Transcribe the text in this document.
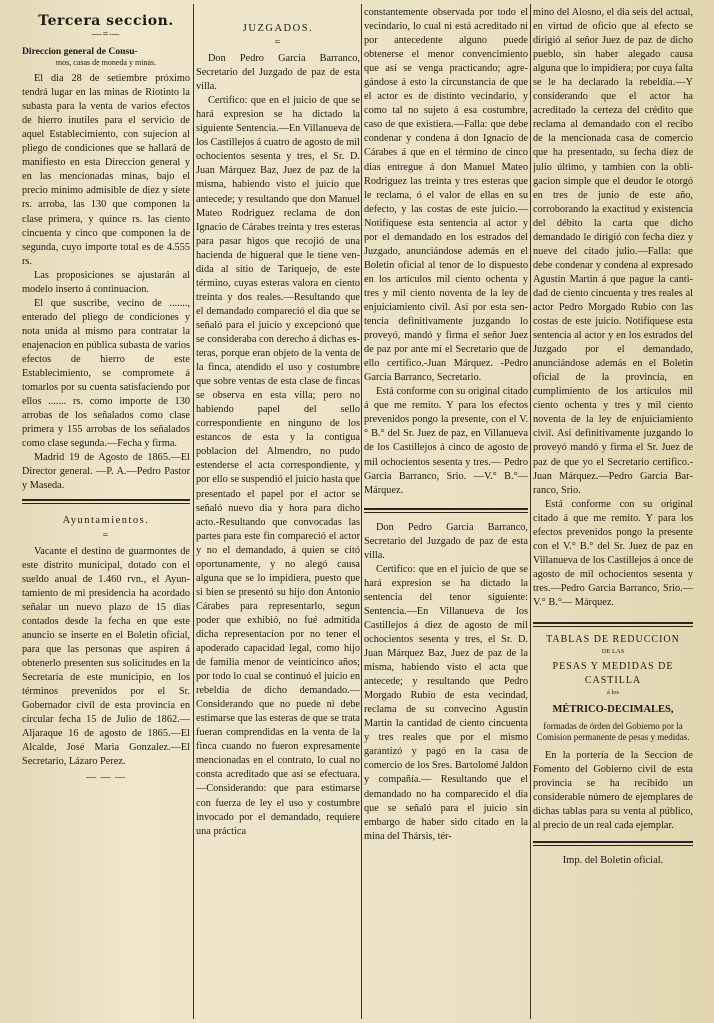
Tercera seccion.
—=—
Direccion general de Consu-
mos, casas de moneda y minas.

El dia 28 de setiembre próximo tendrá lugar en las minas de Riotinto la subasta para la venta de varios efectos de hierro inutiles para el servicio de aquel Establecimiento, con sujecion al pliego de condiciones que se hallará de manifiesto en esta Direccion general y en las mencionadas minas, bajo el precio mínimo admisible de diez y siete rs. arroba, las 130 que componen la clase primera, y quince rs. las ciento cincuenta y cinco que componen la de segunda, cuyo importe total es de 4.555 rs.

Las proposiciones se ajustarán al modelo inserto á continuacion.

El que suscribe, vecino de ......., enterado del pliego de condiciones y nota unida al mismo para contratar la enajenacion en pública subasta de varios efectos de hierro de este Establecimiento, se compromete á tomarlos por su cuenta satisfaciendo por ellos ....... rs. como importe de 130 arrobas de los señalados como clase primera y 155 arrobas de los señalados como clase segunda.—Fecha y firma.

Madrid 19 de Agosto de 1865.—El Director general. —P. A.—Pedro Pastor y Maseda.

Ayuntamientos.
=

Vacante el destino de guarmontes de este distrito municipal, dotado con el sueldo anual de 1.460 rvn., el Ayuntamiento de mi presidencia ha acordado señalar un nuevo plazo de 15 dias contados desde la fecha en que este anuncio se inserte en el Boletin oficial, para que las personas que aspiren á obtenerlo presenten sus solicitudes en la Secretaría de este municipio, en los términos prevenidos por el Sr. Gobernador civil de esta provincia en circular fecha 15 de Julio de 1862.—Aljaraque 16 de agosto de 1865.—El Alcalde, José Maria Gonzalez.—El Secretario, Lázaro Perez.

— — —
JUZGADOS.
=

Don Pedro Garcia Barranco, Secretario del Juzgado de paz de esta villa.

Certifico: que en el juicio de que se hará expresion se ha dictado la siguiente Sentencia.—En Villanueva de los Castillejos á cuatro de agosto de mil ochocientos sesenta y tres, el Sr. D. Juan Márquez Baz, Juez de paz de la misma, habiendo visto el juicio que antecede; y resultando que don Manuel Mateo Rodriguez reclama de don Ignacio de Cárabes treinta y tres esteras para pasar higos que recojió de una hacienda de higueral que le tiene vendida al sitio de Tariquejo, de este término, cuyas esteras valora en ciento treinta y dos reales.—Resultando que el demandado compareció el dia que se señaló para el juicio y excepcionó que se consideraba con derecho á dichas esteras, porque eran objeto de la venta de la finca, atendido el uso y costumbre que sobre ventas de esta clase de fincas se observa en esta villa; pero no habiendo papel del sello correspondiente en ninguno de los estancos de esta y la contigua poblacion del Almendro, no pudo estenderse el acta correspondiente, y por ello se suspendió el juicio hasta que presentado el papel por el actor se señaló nuevo dia y hora para dicho acto.-Resultando que convocadas las partes para este fin compareció el actor y no el demandado, á quien se citó oportunamente, y no alegó causa alguna que se lo impidiera, puesto que si bien se presentó su hijo don Antonio Cárabes para representarlo, segun poder que exhibió, no fué admitida dicha representacion por no tener el apoderado capacidad legal, como hijo de familia menor de veinticinco años; por todo lo cual se continuó el juicio en rebeldía de dicho demandado.—Considerando que no puede ni debe estimarse que las esteras de que se trata fueran comprendidas en la venta de la finca cuando no fueron expresamente mencionadas en el contrato, lo cual no consta acreditado que así se efectuara.—Considerando: que para estimarse con fuerza de ley el uso y costumbre invocado por el demandado, requiere una práctica

constantemente observada por todo el vecindario, lo cual ni está acreditado ni por antecedente alguno puede obtenerse el menor convencimiento que así se venga practicando; agregándose á esto la circunstancia de que el actor es de distinto vecindario, y como tal no sujeto á esa costumbre, caso de que existiera.—Falla: que debe condenar y condena á don Ignacio de Cárabes á que en el término de cinco dias entregue á don Manuel Mateo Rodriguez las treinta y tres esteras que le reclama, ó el valor de ellas en su defecto, y las costas de este juicio.— Notifíquese esta sentencia al actor y por el demandado en los estrados del Juzgado, anunciándose además en el Boletin oficial al tenor de lo dispuesto en los artículos mil ciento ochenta y tres y mil ciento noventa de la ley de enjuiciamiento civil. Así por esta sentencia definitivamente juzgando lo proveyó, mandó y firma el señor Juez de paz por ante mí el Secretario que de ello certifico.-Juan Márquez. -Pedro Garcia Barranco, Secretario.

Está conforme con su original citado á que me remito. Y para los efectos prevenidos pongo la presente, con el V.° B.° del Sr. Juez de paz, en Villanueva de los Castillejos á cinco de agosto de mil ochocientos sesenta y tres.— Pedro Garcia Barranco, Srio. —V.° B.°—Márquez.

Don Pedro Garcia Barranco, Secretario del Juzgado de paz de esta villa.

Certifico: que en el juicio de que se hará expresion se ha dictado la sentencia del tenor siguiente: Sentencia.—En Villanueva de los Castillejos á diez de agosto de mil ochocientos sesenta y tres, el Sr. D. Juan Márquez Baz, Juez de paz de la misma, habiendo visto el acta que antecede; y resultando que Pedro Morgado Rubio de esta vecindad, reclama de su convecino Agustin Martin la cantidad de ciento cincuenta y tres reales que por el mismo garantizó y pagó en la casa de comercio de los Sres. Bartolomé Jaldon y compañía.— Resultando que el demandado no ha comparecido el dia que se señaló para el juicio sin embargo de haber sido citado en la mina del Thársis, tér-

mino del Alosno, el dia seis del actual, en virtud de oficio que al efecto se dirigió al señor Juez de paz de dicho pueblo, sin haber alegado causa alguna que lo impidiera; por cuya falta se le ha declarado la rebeldía.—Y considerando que el actor ha acreditado la certeza del crédito que reclama al demandado con el recibo de la mencionada casa de comercio que ha presentado, su fecha diez de julio último, y tambien con la obligacion simple que el deudor le otorgó en tres de junio de este año, corroborando la exactitud y existencia del débito la carta que dicho demandado le dirigió con fecha diez y nueve del citado julio.—Falla: que debe condenar y condena al expresado Agustin Martin á que pague la cantidad de ciento cincuenta y tres reales al actor Pedro Morgado Rubio con las costas de este juicio. Notifíquese esta sentencia al actor y en los estrados del Juzgado por el demandado, anunciándose además en el Boletin oficial de la provincia, en cumplimiento de los artículos mil ciento ochenta y tres y mil ciento noventa de la ley de enjuiciamiento civil. Así definitivamente juzgando lo proveyó mandó y firma el Sr. Juez de paz de que yo el Secretario certifico.-Juan Márquez.—Pedro Garcia Barranco, Srio.

Está conforme con su original citado á que me remito. Y para los efectos prevenidos pongo la presente con el V.° B.° del Sr. Juez de paz en Villanueva de los Castillejos á once de agosto de mil ochocientos sesenta y tres.—Pedro Garcia Barranco, Srio.—V.° B.°— Márquez.

TABLAS DE REDUCCION
DE LAS
PESAS Y MEDIDAS DE CASTILLA
á los
MÉTRICO-DECIMALES,
formadas de órden del Gobierno por la Comision permanente de pesas y medidas.

En la portería de la Seccion de Fomento del Gobierno civil de esta provincia se ha recibido un considerable número de ejemplares de dichas tablas para su venta al público, al precio de un real cada ejemplar.

Imp. del Boletin oficial.
